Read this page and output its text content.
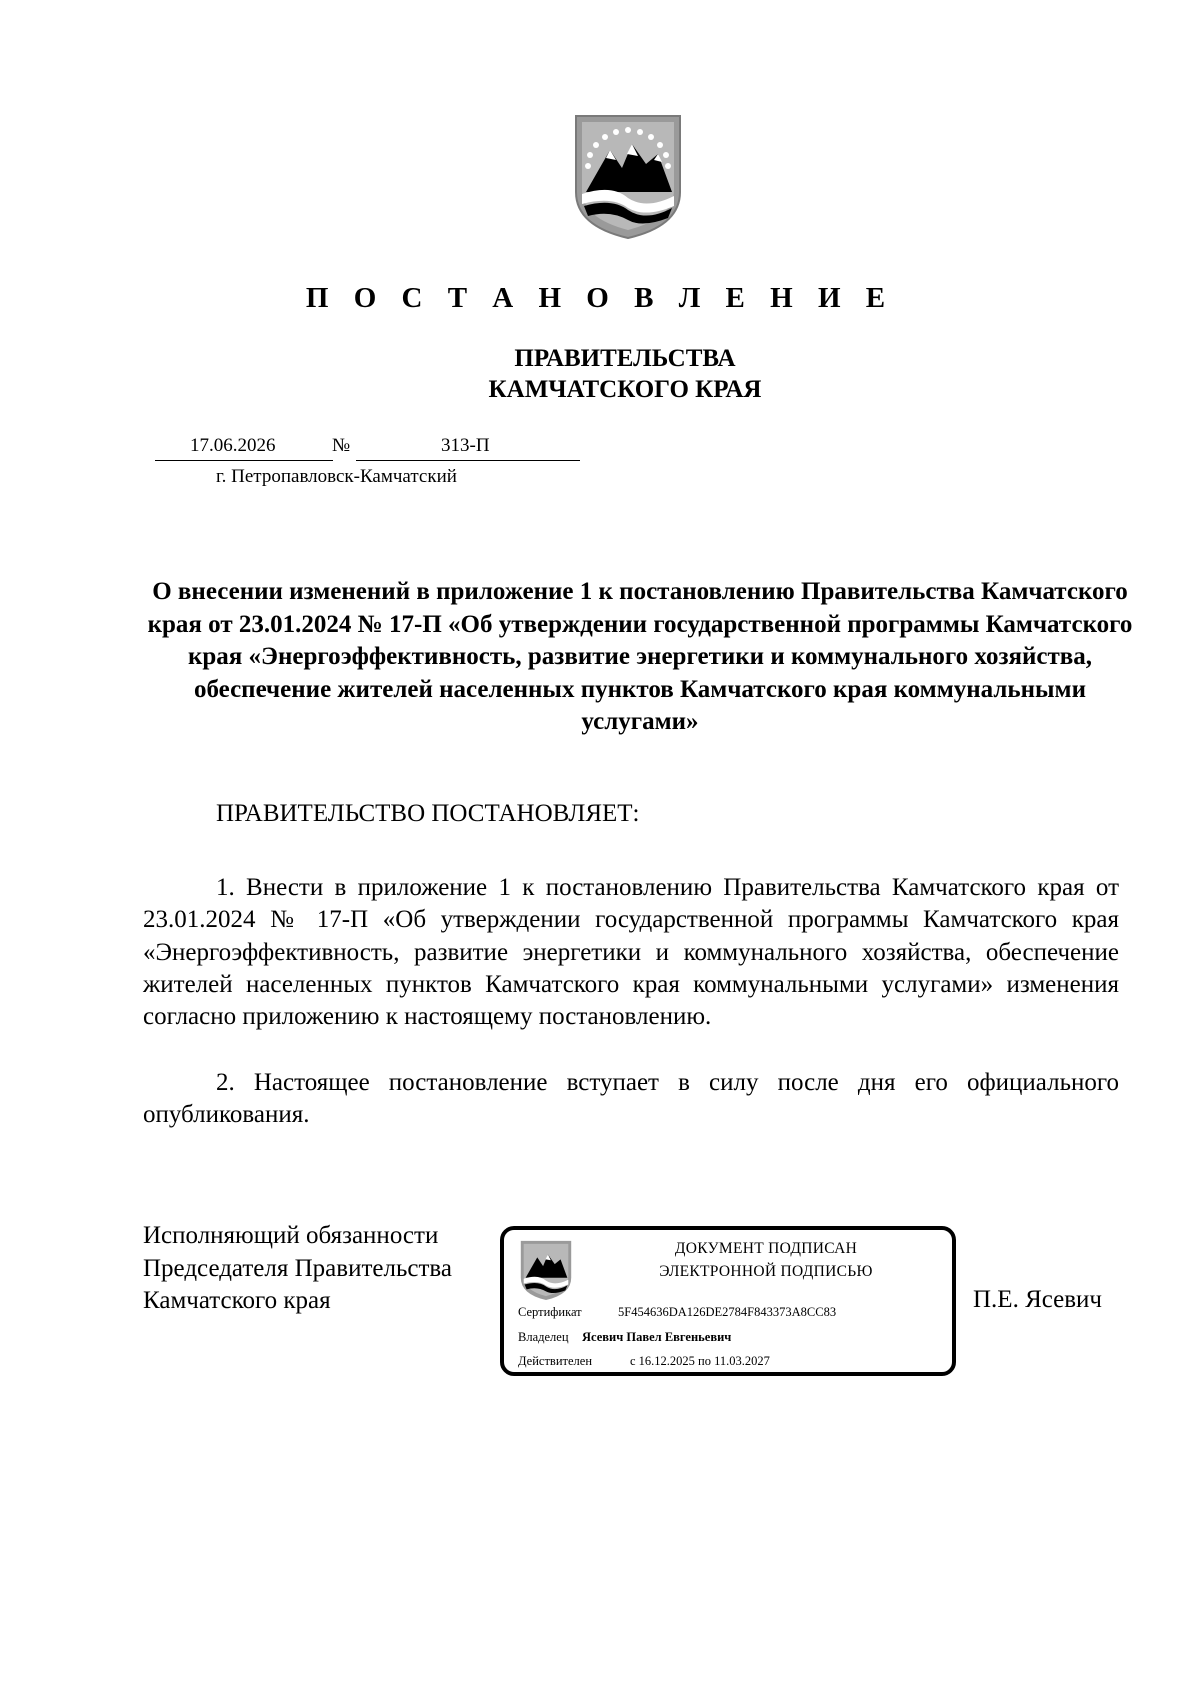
П О С Т А Н О В Л Е Н И Е
ПРАВИТЕЛЬСТВА
КАМЧАТСКОГО КРАЯ
17.06.2026	№	313-П
г. Петропавловск-Камчатский
О внесении изменений в приложение 1 к постановлению Правительства Камчатского края от 23.01.2024 № 17-П «Об утверждении государственной программы Камчатского края «Энергоэффективность, развитие энергетики и коммунального хозяйства, обеспечение жителей населенных пунктов Камчатского края коммунальными услугами»
ПРАВИТЕЛЬСТВО ПОСТАНОВЛЯЕТ:
1. Внести в приложение 1 к постановлению Правительства Камчатского края от 23.01.2024 № 17-П «Об утверждении государственной программы Камчатского края «Энергоэффективность, развитие энергетики и коммунального хозяйства, обеспечение жителей населенных пунктов Камчатского края коммунальными услугами» изменения согласно приложению к настоящему постановлению.
2. Настоящее постановление вступает в силу после дня его официального опубликования.
Исполняющий обязанности
Председателя Правительства
Камчатского края	П.Е. Ясевич
ДОКУМЕНТ ПОДПИСАН
ЭЛЕКТРОННОЙ ПОДПИСЬЮ
Сертификат	5F454636DA126DE2784F843373A8CC83
Владелец Ясевич Павел Евгеньевич
Действителен	с 16.12.2025 по 11.03.2027
